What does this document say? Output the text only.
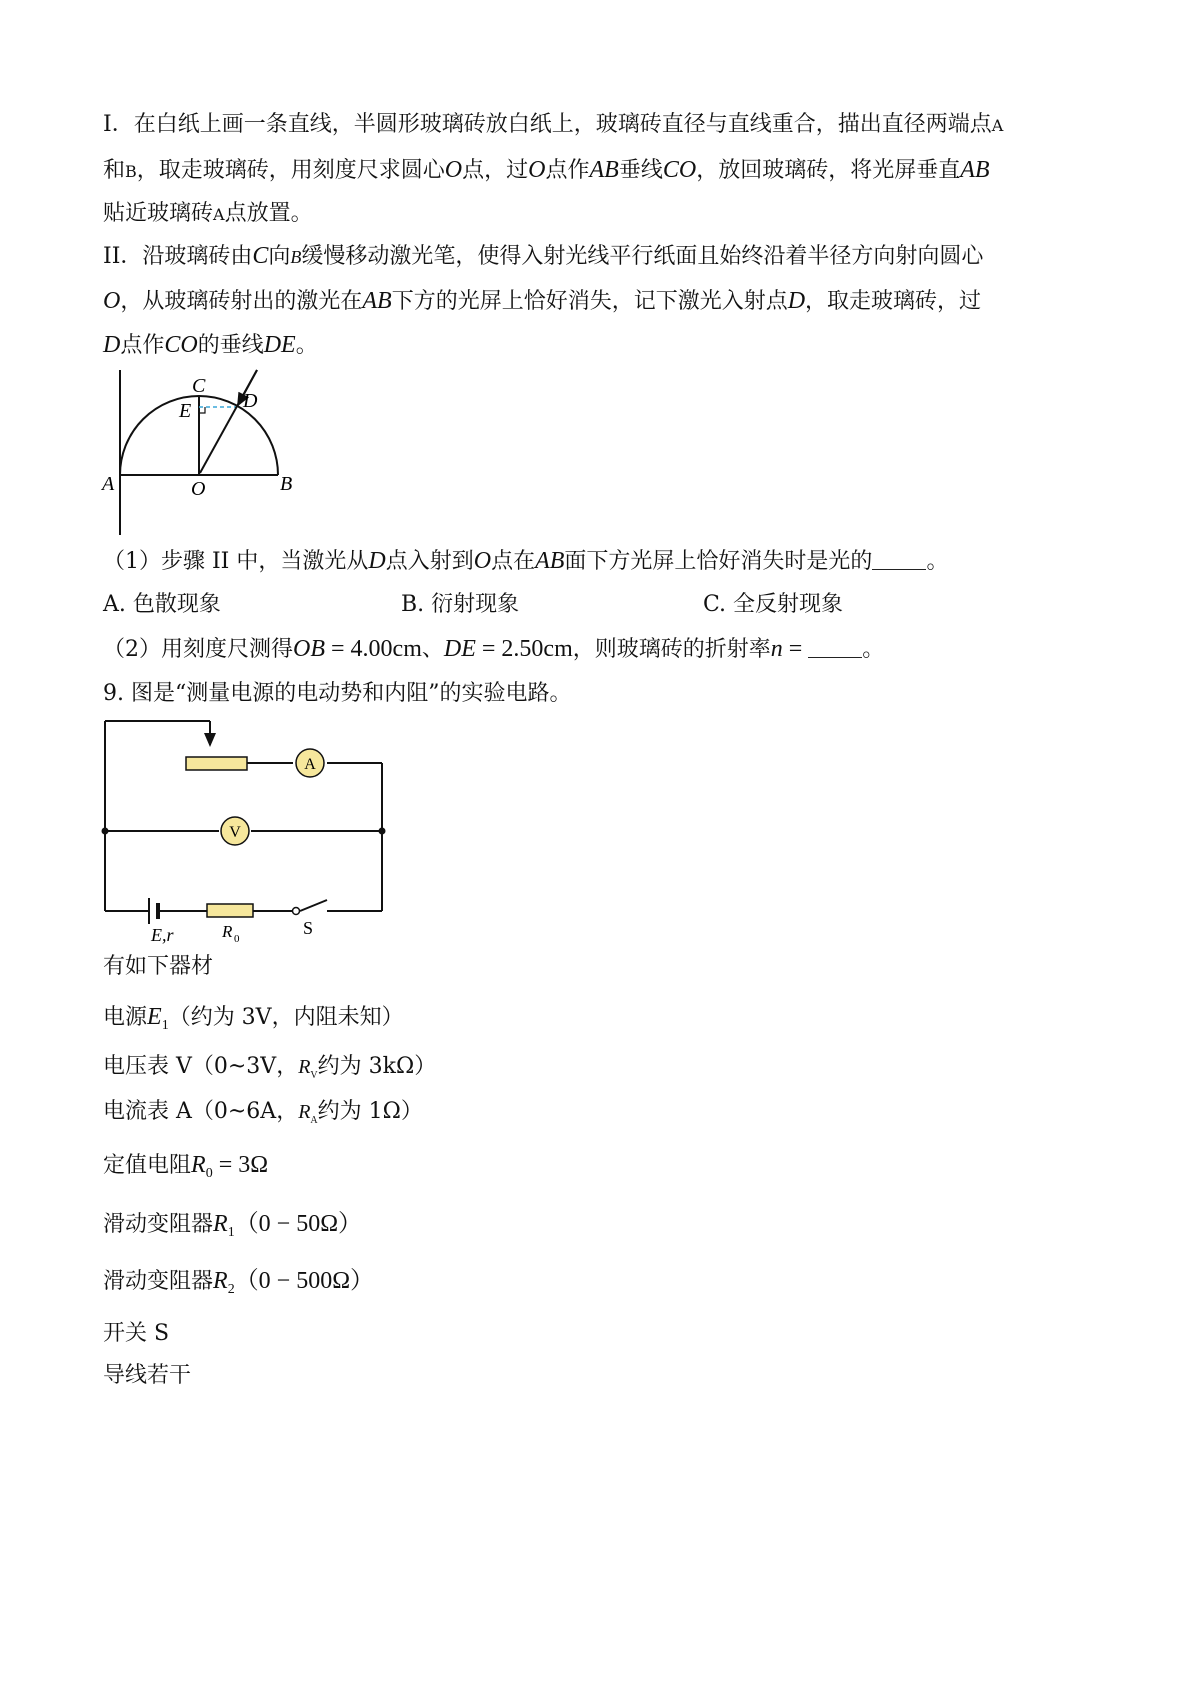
I．在白纸上画一条直线，半圆形玻璃砖放白纸上，玻璃砖直径与直线重合，描出直径两端点A
和B，取走玻璃砖，用刻度尺求圆心O点，过O点作AB垂线CO，放回玻璃砖，将光屏垂直AB
贴近玻璃砖A点放置。
II．沿玻璃砖由C向B缓慢移动激光笔，使得入射光线平行纸面且始终沿着半径方向射向圆心
O，从玻璃砖射出的激光在AB下方的光屏上恰好消失，记下激光入射点D，取走玻璃砖，过
D点作CO的垂线DE。
C
E	D
A	O	B
（1）步骤 II 中，当激光从D点入射到O点在AB面下方光屏上恰好消失时是光的 。
A. 色散现象	B. 衍射现象	C. 全反射现象
（2）用刻度尺测得OB = 4.00cm、DE = 2.50cm，则玻璃砖的折射率n = 。
9. 图是“测量电源的电动势和内阻”的实验电路。
A
V
E,r	R 0
S
有如下器材
电源$E_1$（约为 3V，内阻未知）
电压表 V（0~3V，$R_V$约为 3kΩ）
电流表 A（0~6A，$R_A$约为 1Ω）
定值电阻$R_0 = 3\Omega$
滑动变阻器$R_1(0 - 50\Omega)$
滑动变阻器$R_2(0 - 500\Omega)$
开关 S
导线若干
